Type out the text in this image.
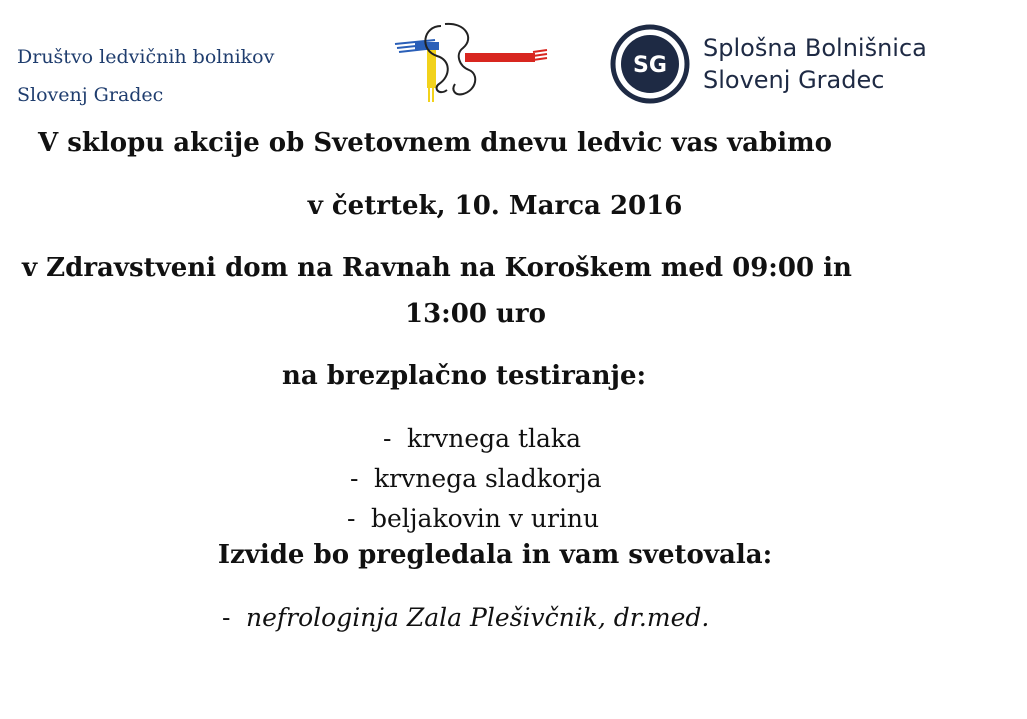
Društvo ledvičnih bolnikov
Slovenj Gradec
SG
Splošna Bolnišnica
Slovenj Gradec
V sklopu akcije ob Svetovnem dnevu ledvic vas vabimo
v četrtek, 10. Marca 2016
v Zdravstveni dom na Ravnah na Koroškem med 09:00 in
13:00 uro
na brezplačno testiranje:
- krvnega tlaka
- krvnega sladkorja
- beljakovin v urinu
Izvide bo pregledala in vam svetovala:
- nefrologinja Zala Plešivčnik, dr.med.
